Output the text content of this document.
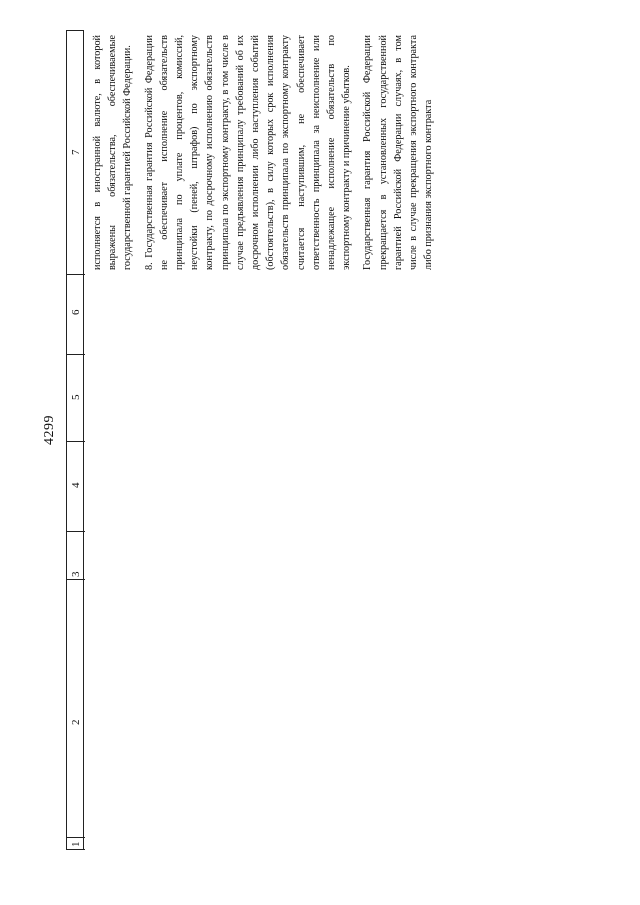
4299
1
2
3
4
5
6
7 исполняется в иностранной валюте, в которой выражены обязательства, обеспечиваемые государственной гарантией Российской Федерации. 8. Государственная гарантия Российской Федерации не обеспечивает исполнение обязательств принципала по уплате процентов, комиссий, неустойки (пеней, штрафов) по экспортному контракту, по досрочному исполнению обязательств принципала по экспортному контракту, в том числе в случае предъявления принципалу требований об их досрочном исполнении либо наступления событий (обстоятельств), в силу которых срок исполнения обязательств принципала по экспортному контракту считается наступившим, не обеспечивает ответственность принципала за неисполнение или ненадлежащее исполнение обязательств по экспортному контракту и причинение убытков. Государственная гарантия Российской Федерации прекращается в установленных государственной гарантией Российской Федерации случаях, в том числе в случае прекращения экспортного контракта либо признания экспортного контракта
